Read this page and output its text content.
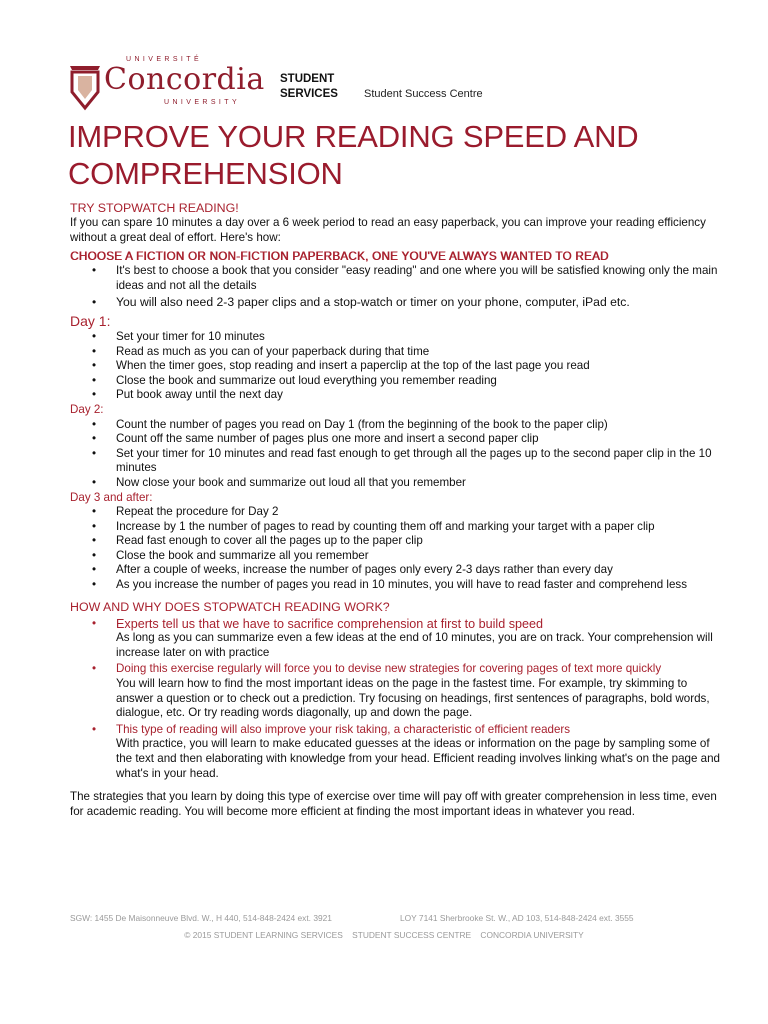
UNIVERSITÉ
Concordia
UNIVERSITY
STUDENT
SERVICES Student Success Centre
IMPROVE YOUR READING SPEED AND COMPREHENSION

TRY STOPWATCH READING!

If you can spare 10 minutes a day over a 6 week period to read an easy paperback, you can improve your reading efficiency without a great deal of effort. Here's how:

CHOOSE A FICTION OR NON-FICTION PAPERBACK, ONE YOU'VE ALWAYS WANTED TO READ

• It's best to choose a book that you consider "easy reading" and one where you will be satisfied knowing only the main ideas and not all the details
• You will also need 2-3 paper clips and a stop-watch or timer on your phone, computer, iPad etc.

Day 1:

• Set your timer for 10 minutes
• Read as much as you can of your paperback during that time
• When the timer goes, stop reading and insert a paperclip at the top of the last page you read
• Close the book and summarize out loud everything you remember reading
• Put book away until the next day

Day 2:

• Count the number of pages you read on Day 1 (from the beginning of the book to the paper clip)
• Count off the same number of pages plus one more and insert a second paper clip
• Set your timer for 10 minutes and read fast enough to get through all the pages up to the second paper clip in the 10 minutes
• Now close your book and summarize out loud all that you remember

Day 3 and after:

• Repeat the procedure for Day 2
• Increase by 1 the number of pages to read by counting them off and marking your target with a paper clip
• Read fast enough to cover all the pages up to the paper clip
• Close the book and summarize all you remember
• After a couple of weeks, increase the number of pages only every 2-3 days rather than every day
• As you increase the number of pages you read in 10 minutes, you will have to read faster and comprehend less

HOW AND WHY DOES STOPWATCH READING WORK?

• Experts tell us that we have to sacrifice comprehension at first to build speed
As long as you can summarize even a few ideas at the end of 10 minutes, you are on track. Your comprehension will increase later on with practice
• Doing this exercise regularly will force you to devise new strategies for covering pages of text more quickly
You will learn how to find the most important ideas on the page in the fastest time. For example, try skimming to answer a question or to check out a prediction. Try focusing on headings, first sentences of paragraphs, bold words, dialogue, etc. Or try reading words diagonally, up and down the page.
• This type of reading will also improve your risk taking, a characteristic of efficient readers
With practice, you will learn to make educated guesses at the ideas or information on the page by sampling some of the text and then elaborating with knowledge from your head. Efficient reading involves linking what's on the page and what's in your head.

The strategies that you learn by doing this type of exercise over time will pay off with greater comprehension in less time, even for academic reading. You will become more efficient at finding the most important ideas in whatever you read.

SGW: 1455 De Maisonneuve Blvd. W., H 440, 514-848-2424 ext. 3921	LOY 7141 Sherbrooke St. W., AD 103, 514-848-2424 ext. 3555
© 2015 STUDENT LEARNING SERVICES    STUDENT SUCCESS CENTRE    CONCORDIA UNIVERSITY
